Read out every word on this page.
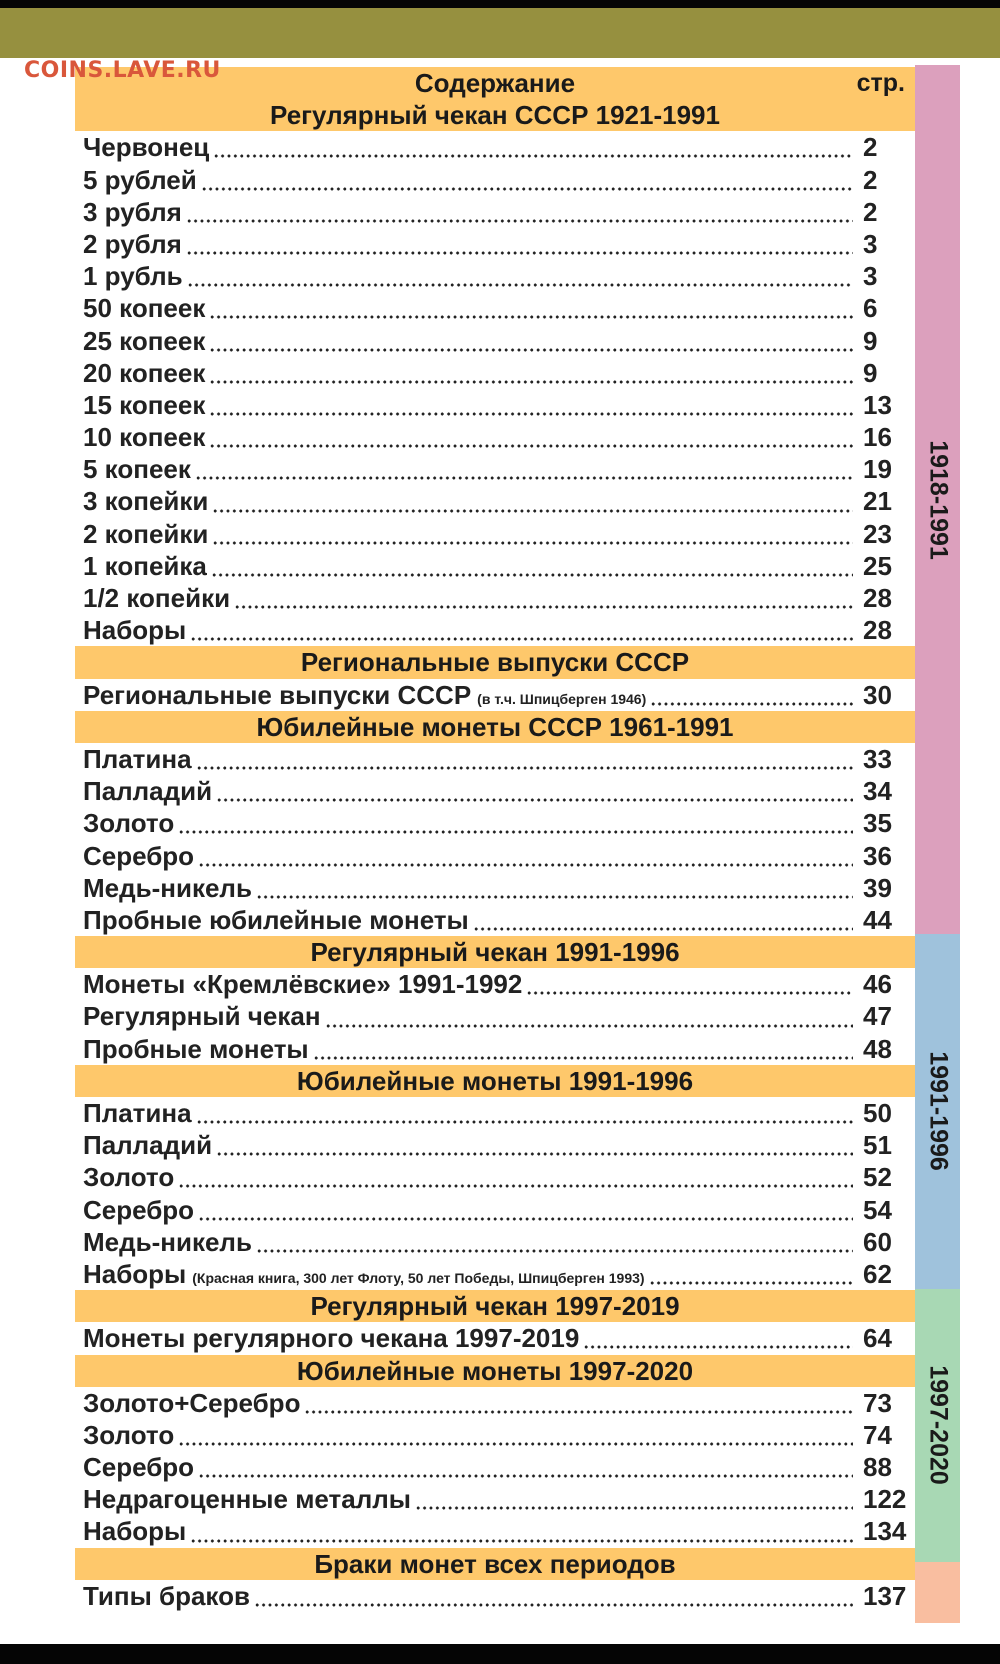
COINS.LAVE.RU	Содержание	стр.
Регулярный чекан СССР 1921-1991
Червонец	2
5 рублей	2
3 рубля	2
2 рубля	3
1 рубль	3
50 копеек	6
25 копеек	9
20 копеек	9
15 копеек	13
10 копеек	16
5 копеек	19
3 копейки	21
2 копейки	23
1 копейка	25
1/2 копейки	28
Наборы	28
Региональные выпуски СССР
Региональные выпуски СССР (в т.ч. Шпицберген 1946)	30
Юбилейные монеты СССР 1961-1991
Платина	33
Палладий	34
Золото	35
Серебро	36
Медь-никель	39
Пробные юбилейные монеты	44
Регулярный чекан 1991-1996
Монеты «Кремлёвские» 1991-1992	46
Регулярный чекан	47
Пробные монеты	48
Юбилейные монеты 1991-1996
Платина	50
Палладий	51
Золото	52
Серебро	54
Медь-никель	60
Наборы (Красная книга, 300 лет Флоту, 50 лет Победы, Шпицберген 1993)	62
Регулярный чекан 1997-2019
Монеты регулярного чекана 1997-2019	64
Юбилейные монеты 1997-2020
Золото+Серебро	73
Золото	74
Серебро	88
Недрагоценные металлы	122
Наборы	134
Браки монет всех периодов
Типы браков	137
1918-1991
1991-1996
1997-2020
